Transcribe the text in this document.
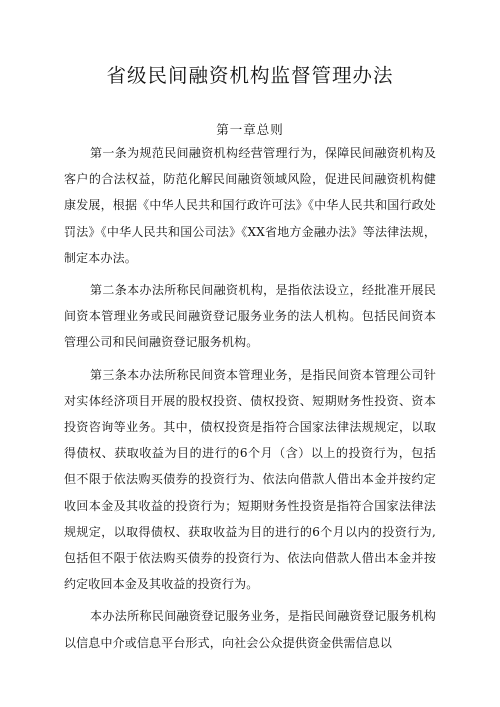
省级民间融资机构监督管理办法
第一章总则

第一条为规范民间融资机构经营管理行为，保障民间融资机构及客户的合法权益，防范化解民间融资领域风险，促进民间融资机构健康发展，根据《中华人民共和国行政许可法》《中华人民共和国行政处罚法》《中华人民共和国公司法》《XX省地方金融办法》等法律法规，制定本办法。

第二条本办法所称民间融资机构，是指依法设立，经批准开展民间资本管理业务或民间融资登记服务业务的法人机构。包括民间资本管理公司和民间融资登记服务机构。

第三条本办法所称民间资本管理业务，是指民间资本管理公司针对实体经济项目开展的股权投资、债权投资、短期财务性投资、资本投资咨询等业务。其中，债权投资是指符合国家法律法规规定，以取得债权、获取收益为目的进行的6个月（含）以上的投资行为，包括但不限于依法购买债券的投资行为、依法向借款人借出本金并按约定收回本金及其收益的投资行为；短期财务性投资是指符合国家法律法规规定，以取得债权、获取收益为目的进行的6个月以内的投资行为,包括但不限于依法购买债券的投资行为、依法向借款人借出本金并按约定收回本金及其收益的投资行为。

本办法所称民间融资登记服务业务，是指民间融资登记服务机构以信息中介或信息平台形式，向社会公众提供资金供需信息以
